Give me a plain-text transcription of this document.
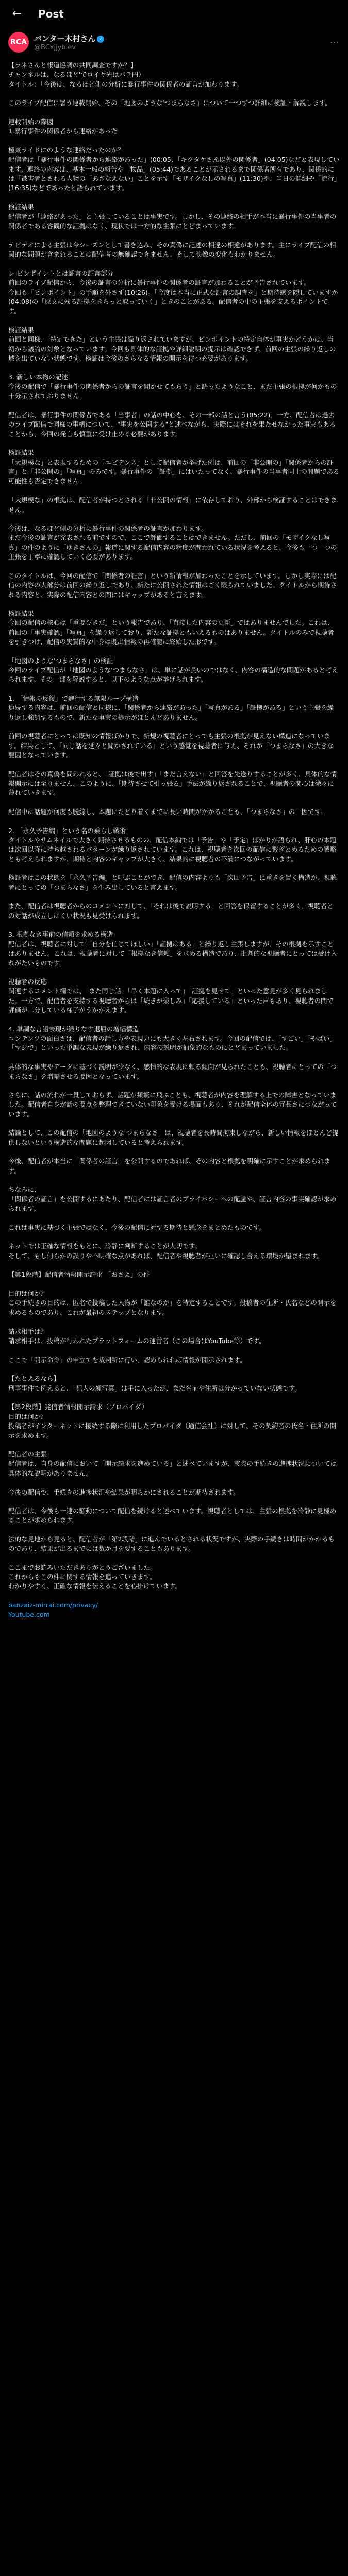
←	Post
RCA バンター木村さん ✓
@BCxjjyblev	⋯

【ラネさんと報道協調の共同調査ですか？】
チャンネルは、なるほど'でロイヤ先はバラ円）
タイトル：「今後は、なるほど側の分析に暴行事件の関係者の証言が加わります。

このライブ配信に署う連載開始、その「地図のような'つまらなさ」について一つずつ詳細に検証・解説します。

連載開始の際図
1.暴行事件の関係者から連絡があった

極東ライドにのような連絡だったのか？
配信者は「暴行事件の関係者から連絡があった」(00:05、「キクタケさん以外の関係者」(04:05)などと表現しています。連絡の内容は、基本一般の報告や「物品」(05:44)であることが示されるまで関係者所有であり、関係的には「被害者とされる人物の「あざなえない」ことを示す「モザイクなしの写真」(11:30)や、当日の詳細や「流行」(16:35)などであったと語られています。

検証結果
配信者が「連絡があった」と主張していることは事実です。しかし、その連絡の相手が本当に暴行事件の当事者の関係者である客観的な証拠はなく、現状では一方的な主張にとどまっています。

テビデオによる主張は今シーズンとして書き込み、その真偽に記述の相違の相違があります。主にライブ配信の相関的な問題が含まれることは配信者の無確認できません。そして映像の変化もわかりません。

レ ピンポイントとは証言の証言部分
前回のライブ配信から、今後の証言の分析に暴行事件の関係者の証言が加わることが予告されています。
今回も「ピンポイント」の手順を外さず(10:26)。「今度は本当に正式な証言の調査を」と期待感を隠していますか(04:08)の「原文に残る証拠をきちっと取っていく」ときのことがある。配信者の中の主張を支えるポイントです。

検証結果
前回と同様、「特定できた」という主張は繰り返されていますが、ピンポイントの特定自体が事実かどうかは、当初から議論の対象となっています。今回も具体的な証拠や詳細説明の提示は確認できず、前回の主張の繰り返しの域を出ていない状態です。検証は今後のさらなる情報の開示を待つ必要があります。

3. 新しい本物の記述
今後の配信で「暴行事件の関係者からの証言を聞かせてもらう」と語ったようなこと、まだ主張の根拠が何かもの十分示されておりません。

配信者は、暴行事件の関係者である「当事者」の話の中心を、その一部の話と言う(05:22)、一方、配信者は過去のライブ配信で同様の事柄について、"事実を公開する"と述べながら、実際にはそれを果たせなかった事実もあることから、今回の発言も慎重に受け止める必要があります。

検証結果
「大規模な」と表現するための「エビデンス」として配信者が挙げた例は、前回の「非公開の」「関係者からの証言」と「非公開の」「写真」のみです。暴行事件の「証拠」にはいたってなく、暴行事件の当事者同士の問題である可能性も否定できません。

「大規模な」の根拠は、配信者が持つとされる「非公開の情報」に依存しており、外部から検証することはできません。

今後は、なるほど側の分析に暴行事件の関係者の証言が加わります。
まだ今後の証言が発表される前ですので、ここで評価することはできません。ただし、前回の「モザイクなし写真」の件のように「ゆきさんの」報道に関する配信内容の精度が問われている状況を考えると、今後も一つ一つの主張を丁寧に確認していく必要があります。

このタイトルは、今回の配信で「関係者の証言」という新情報が加わったことを示しています。しかし実際には配信の内容の大部分は前回の繰り返しであり、新たに公開された情報はごく限られていました。タイトルから期待される内容と、実際の配信内容との間にはギャップがあると言えます。

検証結果
今回の配信の核心は「重要びきだ」という報告であり、「直接した内容の更新」ではありませんでした。これは、前回の「事実確認」「写真」を繰り返しており、新たな証拠ともいえるものはありません。タイトルのみで視聴者を引きつけ、配信の実質的な中身は既出情報の再確認に終始した形です。

「地図のような'つまらなさ」の検証
今回のライブ配信が「地図のような'つまらなさ」は、単に話が長いのではなく、内容の構造的な問題があると考えられます。その一部を解説すると、以下のような点が挙げられます。

1. 「情報の反復」で進行する無限ループ構造
連続する内容は、前回の配信と同様に、「関係者から連絡があった」「写真がある」「証拠がある」という主張を繰り返し強調するもので、新たな事実の提示がほとんどありません。

前回の視聴者にとっては既知の情報ばかりで、新規の視聴者にとっても主張の根拠が見えない構造になっています。結果として、「同じ話を延々と聞かされている」という感覚を視聴者に与え、それが「つまらなさ」の大きな要因となっています。

配信者はその真偽を問われると、「証拠は後で出す」「まだ言えない」と回答を先送りすることが多く、具体的な情報開示には至りません。このように、「期待させて引っ張る」手法が繰り返されることで、視聴者の関心は徐々に薄れていきます。

配信中に話題が何度も脱線し、本題にたどり着くまでに長い時間がかかることも、「つまらなさ」の一因です。

2. 「永久予告編」という名の乗らし戦術
タイトルやサムネイルで大きく期待させるものの、配信本編では「予告」や「予定」ばかりが語られ、肝心の本題は次回以降に持ち越されるパターンが繰り返されています。これは、視聴者を次回の配信に繋ぎとめるための戦略とも考えられますが、期待と内容のギャップが大きく、結果的に視聴者の不満につながっています。

検証者はこの状態を「永久予告編」と呼ぶことができ、配信の内容よりも「次回予告」に重きを置く構造が、視聴者にとっての「つまらなさ」を生み出していると言えます。

また、配信者は視聴者からのコメントに対して、「それは後で説明する」と回答を保留することが多く、視聴者との対話が成立しにくい状況も見受けられます。

3. 根拠なき事前の信頼を求める構造
配信者は、視聴者に対して「自分を信じてほしい」「証拠はある」と繰り返し主張しますが、その根拠を示すことはありません。これは、視聴者に対して「根拠なき信頼」を求める構造であり、批判的な視聴者にとっては受け入れがたいものです。

視聴者の反応
関連するコメント欄では、「また同じ話」「早く本題に入って」「証拠を見せて」といった意見が多く見られました。一方で、配信者を支持する視聴者からは「続きが楽しみ」「応援している」といった声もあり、視聴者の間で評価が二分している様子がうかがえます。

4. 単調な言語表現が織りなす退屈の増幅構造
コンテンツの面白さは、配信者の話し方や表現力にも大きく左右されます。今回の配信では、「すごい」「やばい」「マジで」といった単調な表現が繰り返され、内容の説明が抽象的なものにとどまっていました。

具体的な事実やデータに基づく説明が少なく、感情的な表現に頼る傾向が見られたことも、視聴者にとっての「つまらなさ」を増幅させる要因となっています。

さらに、話の流れが一貫しておらず、話題が頻繁に飛ぶことも、視聴者が内容を理解する上での障害となっていました。配信者自身が話の要点を整理できていない印象を受ける場面もあり、それが配信全体の冗長さにつながっています。

結論として、この配信の「地図のような'つまらなさ」は、視聴者を長時間拘束しながら、新しい情報をほとんど提供しないという構造的な問題に起因していると考えられます。

今後、配信者が本当に「関係者の証言」を公開するのであれば、その内容と根拠を明確に示すことが求められます。

ちなみに、
「関係者の証言」を公開するにあたり、配信者には証言者のプライバシーへの配慮や、証言内容の事実確認が求められます。

これは事実に基づく主張ではなく、今後の配信に対する期待と懸念をまとめたものです。

ネットでは正確な情報をもとに、冷静に判断することが大切です。
そして、もし何らかの誤りや不明確な点があれば、配信者や視聴者が互いに確認し合える環境が望まれます。

【第1段階】配信者情報開示請求 「おさよ」の件

目的は何か？
この手続きの目的は、匿名で投稿した人物が「誰なのか」を特定することです。投稿者の住所・氏名などの開示を求めるものであり、これが最初のステップとなります。

請求相手は？
請求相手は、投稿が行われたプラットフォームの運営者（この場合はYouTube等）です。

ここで「開示命令」の申立てを裁判所に行い、認められれば情報が開示されます。

【たとえるなら】
刑事事件で例えると、「犯人の顔写真」は手に入ったが、まだ名前や住所は分かっていない状態です。

【第2段階】発信者情報開示請求（プロバイダ）
目的は何か？
投稿者がインターネットに接続する際に利用したプロバイダ（通信会社）に対して、その契約者の氏名・住所の開示を求めます。

配信者の主張
配信者は、自身の配信において「開示請求を進めている」と述べていますが、実際の手続きの進捗状況については具体的な説明がありません。

今後の配信で、手続きの進捗状況や結果が明らかにされることが期待されます。

配信者は、今後も一連の騒動について配信を続けると述べています。視聴者としては、主張の根拠を冷静に見極めることが求められます。

法的な見地から見ると、配信者が「第2段階」に進んでいるとされる状況ですが、実際の手続きは時間がかかるものであり、結果が出るまでには数か月を要することもあります。

ここまでお読みいただきありがとうございました。
これからもこの件に関する情報を追っていきます。
わかりやすく、正確な情報を伝えることを心掛けています。

banzaiz-mirrai.com/privacy/
Youtube.com
